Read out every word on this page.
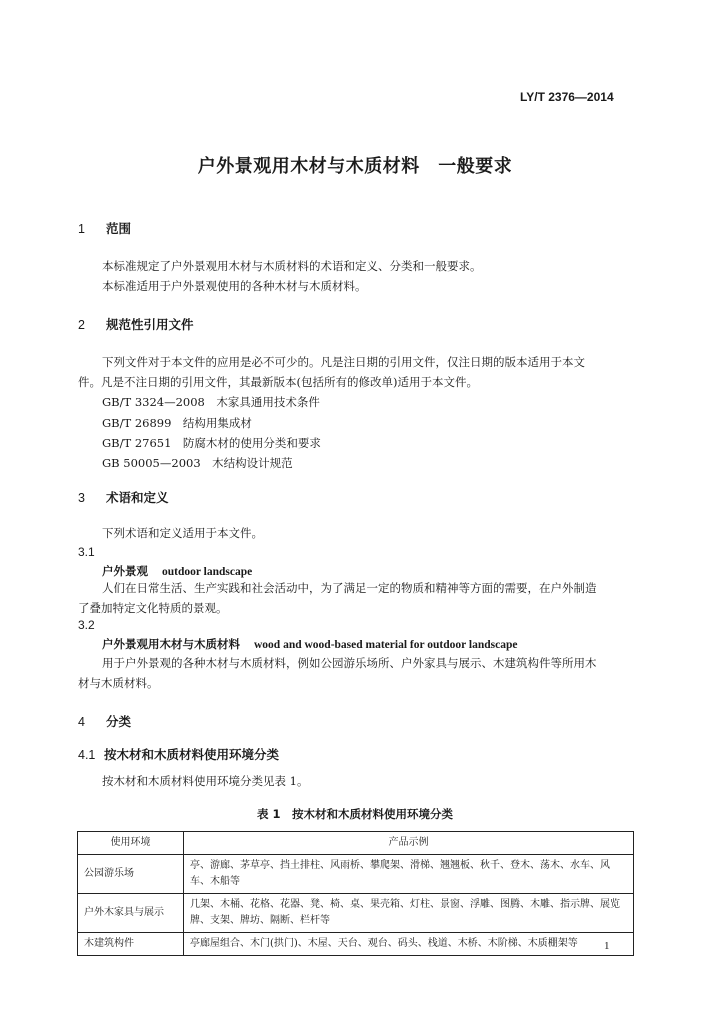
LY/T 2376—2014
户外景观用木材与木质材料　一般要求
1 范围
本标准规定了户外景观用木材与木质材料的术语和定义、分类和一般要求。
本标准适用于户外景观使用的各种木材与木质材料。
2 规范性引用文件
下列文件对于本文件的应用是必不可少的。凡是注日期的引用文件，仅注日期的版本适用于本文
件。凡是不注日期的引用文件，其最新版本(包括所有的修改单)适用于本文件。
GB/T 3324—2008　木家具通用技术条件
GB/T 26899　结构用集成材
GB/T 27651　防腐木材的使用分类和要求
GB 50005—2003　木结构设计规范
3 术语和定义
下列术语和定义适用于本文件。
3.1
户外景观 outdoor landscape
人们在日常生活、生产实践和社会活动中，为了满足一定的物质和精神等方面的需要，在户外制造
了叠加特定文化特质的景观。
3.2
户外景观用木材与木质材料 wood and wood-based material for outdoor landscape
用于户外景观的各种木材与木质材料，例如公园游乐场所、户外家具与展示、木建筑构件等所用木
材与木质材料。
4 分类
4.1 按木材和木质材料使用环境分类
按木材和木质材料使用环境分类见表 1。
表 1　按木材和木质材料使用环境分类
使用环境	产品示例
公园游乐场	亭、游廊、茅草亭、挡土排柱、风雨桥、攀爬架、滑梯、翘翘板、秋千、登木、荡木、水车、风车、木船等
户外木家具与展示	几架、木桶、花格、花器、凳、椅、桌、果壳箱、灯柱、景窗、浮雕、图腾、木雕、指示牌、展览牌、支架、牌坊、隔断、栏杆等
木建筑构件	亭廊屋组合、木门(拱门)、木屋、天台、观台、码头、栈道、木桥、木阶梯、木质棚架等 1
